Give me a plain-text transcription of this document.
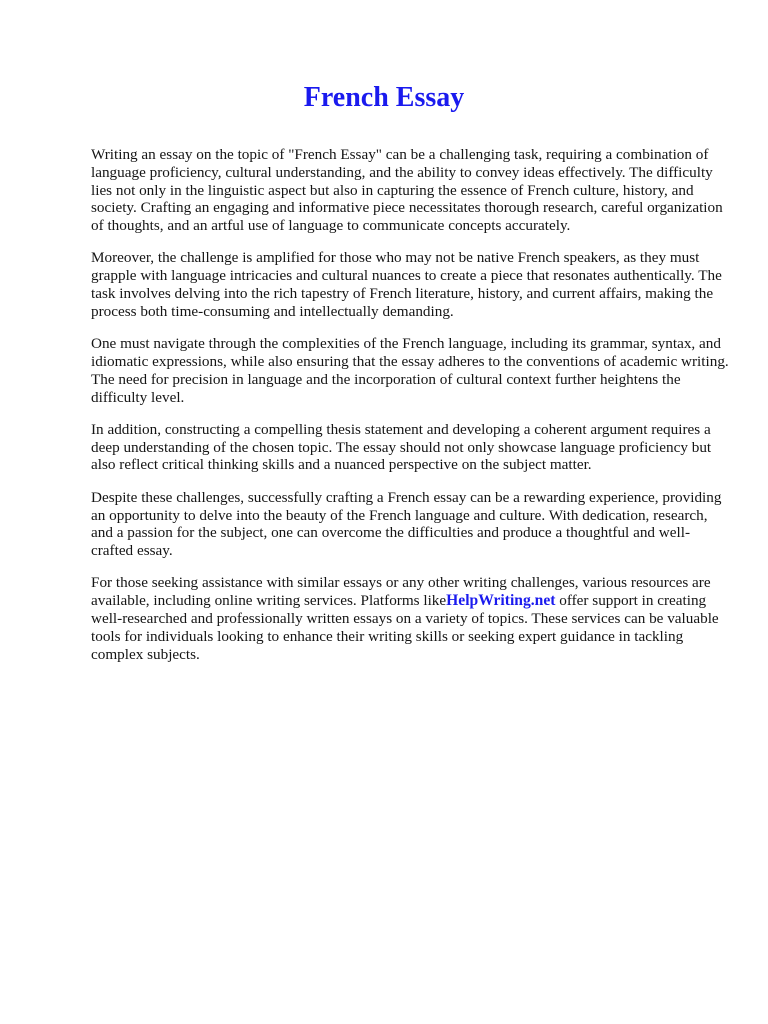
French Essay

Writing an essay on the topic of "French Essay" can be a challenging task, requiring a combination of language proficiency, cultural understanding, and the ability to convey ideas effectively. The difficulty lies not only in the linguistic aspect but also in capturing the essence of French culture, history, and society. Crafting an engaging and informative piece necessitates thorough research, careful organization of thoughts, and an artful use of language to communicate concepts accurately.

Moreover, the challenge is amplified for those who may not be native French speakers, as they must grapple with language intricacies and cultural nuances to create a piece that resonates authentically. The task involves delving into the rich tapestry of French literature, history, and current affairs, making the process both time-consuming and intellectually demanding.

One must navigate through the complexities of the French language, including its grammar, syntax, and idiomatic expressions, while also ensuring that the essay adheres to the conventions of academic writing. The need for precision in language and the incorporation of cultural context further heightens the difficulty level.

In addition, constructing a compelling thesis statement and developing a coherent argument requires a deep understanding of the chosen topic. The essay should not only showcase language proficiency but also reflect critical thinking skills and a nuanced perspective on the subject matter.

Despite these challenges, successfully crafting a French essay can be a rewarding experience, providing an opportunity to delve into the beauty of the French language and culture. With dedication, research, and a passion for the subject, one can overcome the difficulties and produce a thoughtful and well-crafted essay.

For those seeking assistance with similar essays or any other writing challenges, various resources are available, including online writing services. Platforms likeHelpWriting.net offer support in creating well-researched and professionally written essays on a variety of topics. These services can be valuable tools for individuals looking to enhance their writing skills or seeking expert guidance in tackling complex subjects.
